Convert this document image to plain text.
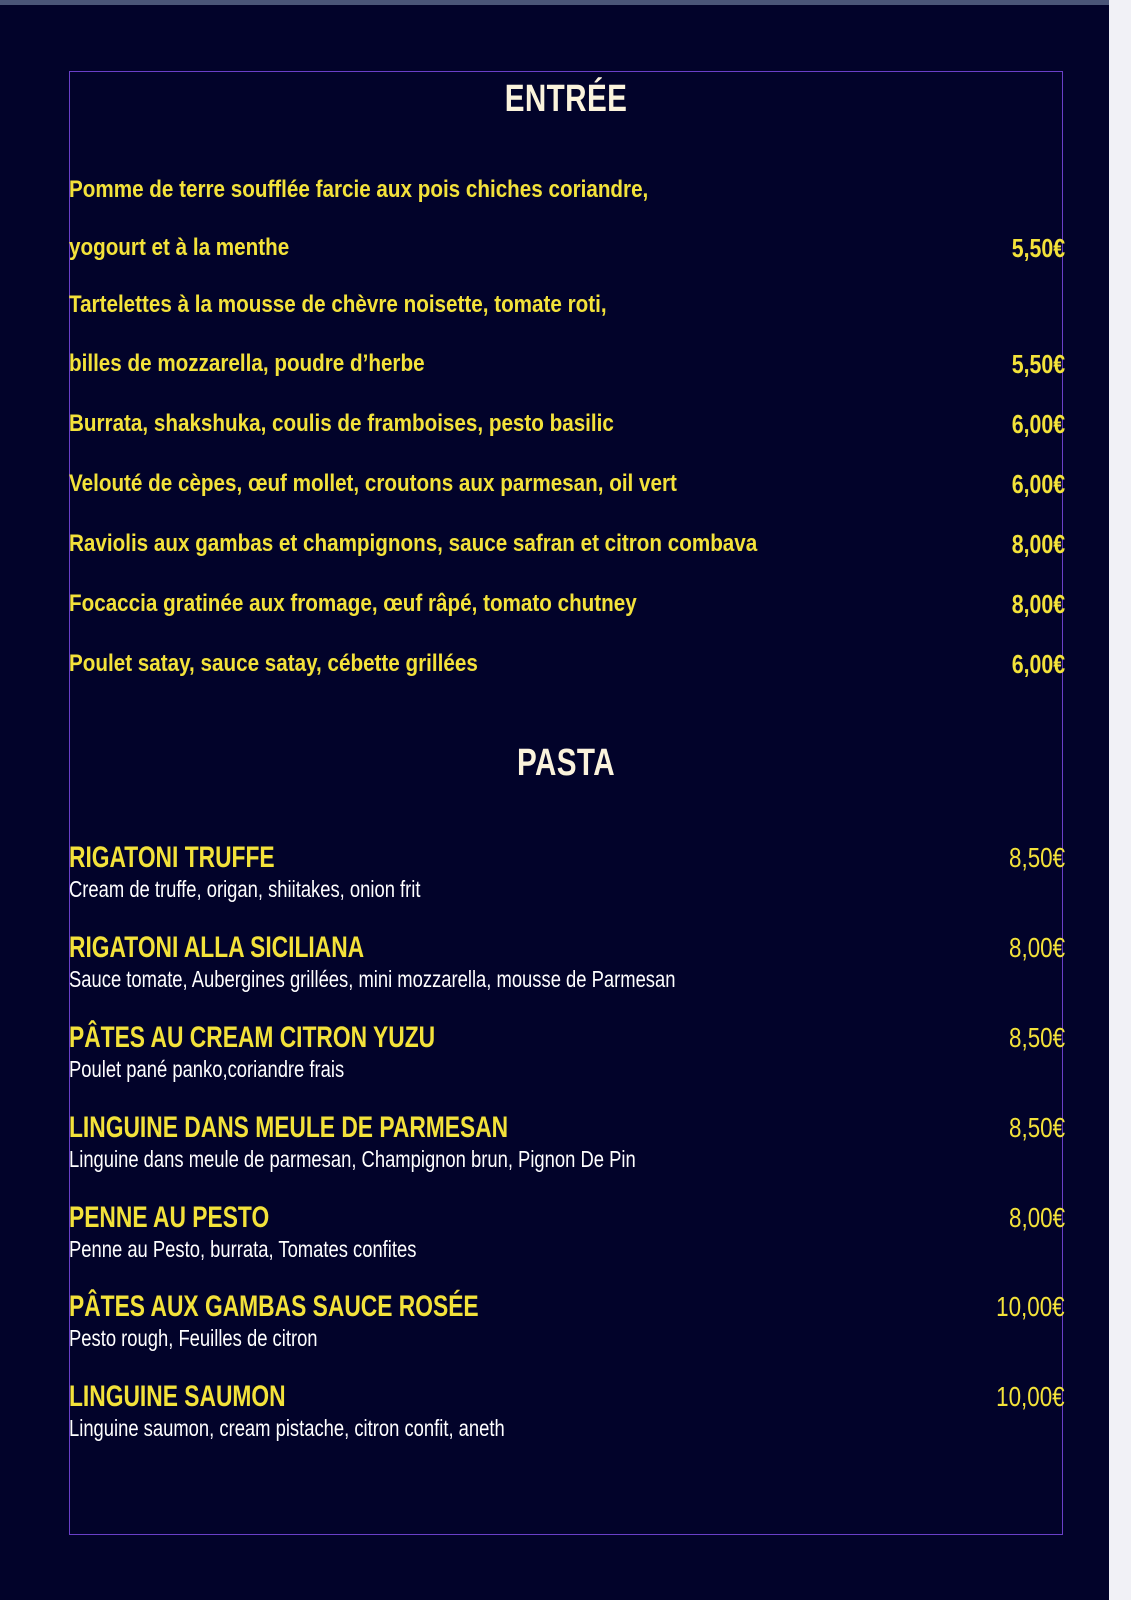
ENTRÉE
Pomme de terre soufflée farcie aux pois chiches coriandre,
yogourt et à la menthe	5,50€
Tartelettes à la mousse de chèvre noisette, tomate roti,
billes de mozzarella, poudre d’herbe	5,50€
Burrata, shakshuka, coulis de framboises, pesto basilic	6,00€
Velouté de cèpes, œuf mollet, croutons aux parmesan, oil vert	6,00€
Raviolis aux gambas et champignons, sauce safran et citron combava	8,00€
Focaccia gratinée aux fromage, œuf râpé, tomato chutney	8,00€
Poulet satay, sauce satay, cébette grillées	6,00€
PASTA
RIGATONI TRUFFE	8,50€
Cream de truffe, origan, shiitakes, onion frit
RIGATONI ALLA SICILIANA	8,00€
Sauce tomate, Aubergines grillées, mini mozzarella, mousse de Parmesan
PÂTES AU CREAM CITRON YUZU	8,50€
Poulet pané panko,coriandre frais
LINGUINE DANS MEULE DE PARMESAN	8,50€
Linguine dans meule de parmesan, Champignon brun, Pignon De Pin
PENNE AU PESTO	8,00€
Penne au Pesto, burrata, Tomates confites
PÂTES AUX GAMBAS SAUCE ROSÉE	10,00€
Pesto rough, Feuilles de citron
LINGUINE SAUMON	10,00€
Linguine saumon, cream pistache, citron confit, aneth
